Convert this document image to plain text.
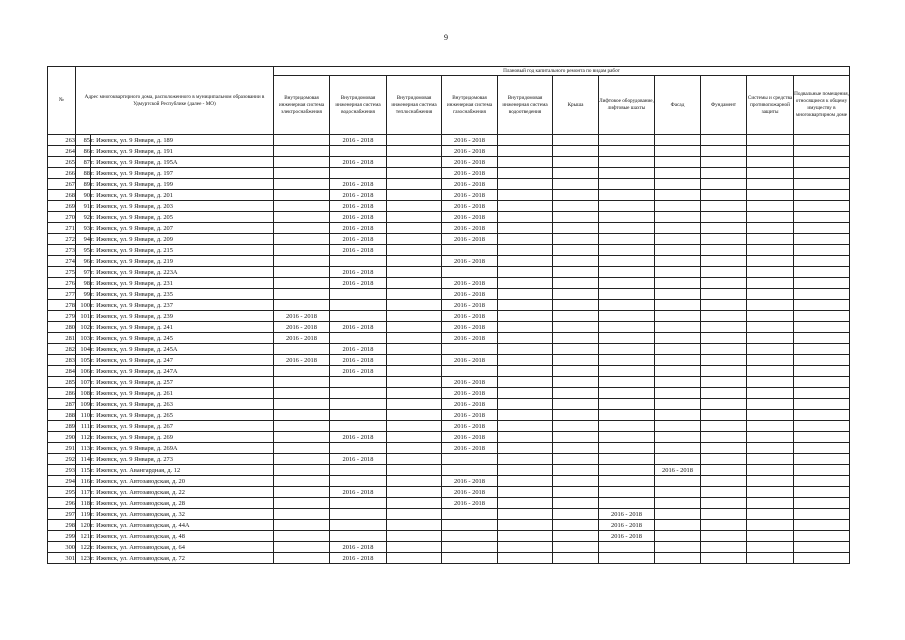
9
№	Адрес многоквартирного дома, расположенного в муниципальном образовании в Удмуртской Республике (далее - МО)		Плановый год капитального ремонта по видам работ										
			Внутридомовая инженерная система электроснабжения	Внутридомовая инженерная система водоснабжения	Внутридомовая инженерная система теплоснабжения	Внутридомовая инженерная система газоснабжения	Внутридомовая инженерная система водоотведения	Крыша	Лифтовое оборудование, лифтовые шахты	Фасад	Фундамент	Системы и средства противопожарной защиты	Подвальные помещения, относящиеся к общему имуществу в многоквартирном доме
263	85	г. Ижевск, ул. 9 Января, д. 189		2016 - 2018		2016 - 2018							
264	86	г. Ижевск, ул. 9 Января, д. 191				2016 - 2018							
265	87	г. Ижевск, ул. 9 Января, д. 195А		2016 - 2018		2016 - 2018							
266	88	г. Ижевск, ул. 9 Января, д. 197				2016 - 2018							
267	89	г. Ижевск, ул. 9 Января, д. 199		2016 - 2018		2016 - 2018							
268	90	г. Ижевск, ул. 9 Января, д. 201		2016 - 2018		2016 - 2018							
269	91	г. Ижевск, ул. 9 Января, д. 203		2016 - 2018		2016 - 2018							
270	92	г. Ижевск, ул. 9 Января, д. 205		2016 - 2018		2016 - 2018							
271	93	г. Ижевск, ул. 9 Января, д. 207		2016 - 2018		2016 - 2018							
272	94	г. Ижевск, ул. 9 Января, д. 209		2016 - 2018		2016 - 2018							
273	95	г. Ижевск, ул. 9 Января, д. 215		2016 - 2018									
274	96	г. Ижевск, ул. 9 Января, д. 219				2016 - 2018							
275	97	г. Ижевск, ул. 9 Января, д. 223А		2016 - 2018									
276	98	г. Ижевск, ул. 9 Января, д. 231		2016 - 2018		2016 - 2018							
277	99	г. Ижевск, ул. 9 Января, д. 235				2016 - 2018							
278	100	г. Ижевск, ул. 9 Января, д. 237				2016 - 2018							
279	101	г. Ижевск, ул. 9 Января, д. 239	2016 - 2018			2016 - 2018							
280	102	г. Ижевск, ул. 9 Января, д. 241	2016 - 2018	2016 - 2018		2016 - 2018							
281	103	г. Ижевск, ул. 9 Января, д. 245	2016 - 2018			2016 - 2018							
282	104	г. Ижевск, ул. 9 Января, д. 245А		2016 - 2018									
283	105	г. Ижевск, ул. 9 Января, д. 247	2016 - 2018	2016 - 2018		2016 - 2018							
284	106	г. Ижевск, ул. 9 Января, д. 247А		2016 - 2018									
285	107	г. Ижевск, ул. 9 Января, д. 257				2016 - 2018							
286	108	г. Ижевск, ул. 9 Января, д. 261				2016 - 2018							
287	109	г. Ижевск, ул. 9 Января, д. 263				2016 - 2018							
288	110	г. Ижевск, ул. 9 Января, д. 265				2016 - 2018							
289	111	г. Ижевск, ул. 9 Января, д. 267				2016 - 2018							
290	112	г. Ижевск, ул. 9 Января, д. 269		2016 - 2018		2016 - 2018							
291	113	г. Ижевск, ул. 9 Января, д. 269А				2016 - 2018							
292	114	г. Ижевск, ул. 9 Января, д. 273		2016 - 2018									
293	115	г. Ижевск, ул. Авангардная, д. 12								2016 - 2018			
294	116	г. Ижевск, ул. Автозаводская, д. 20				2016 - 2018							
295	117	г. Ижевск, ул. Автозаводская, д. 22		2016 - 2018		2016 - 2018							
296	118	г. Ижевск, ул. Автозаводская, д. 28				2016 - 2018							
297	119	г. Ижевск, ул. Автозаводская, д. 32							2016 - 2018				
298	120	г. Ижевск, ул. Автозаводская, д. 44А							2016 - 2018				
299	121	г. Ижевск, ул. Автозаводская, д. 48							2016 - 2018				
300	122	г. Ижевск, ул. Автозаводская, д. 64		2016 - 2018									
301	123	г. Ижевск, ул. Автозаводская, д. 72		2016 - 2018									
